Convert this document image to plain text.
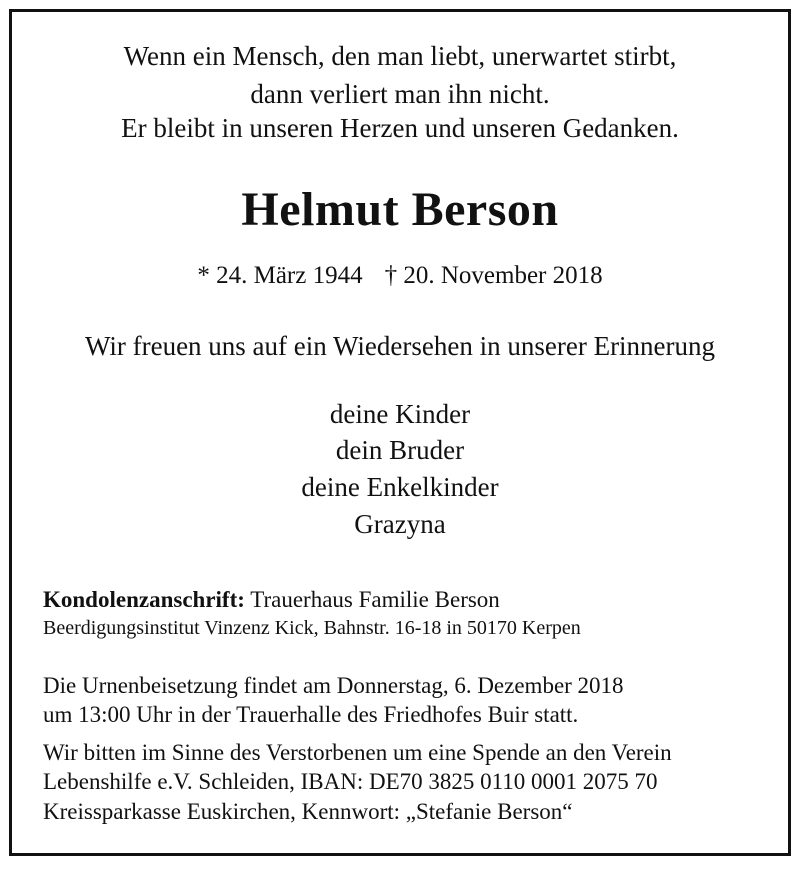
Wenn ein Mensch, den man liebt, unerwartet stirbt,
dann verliert man ihn nicht.
Er bleibt in unseren Herzen und unseren Gedanken.
Helmut Berson
* 24. März 1944 † 20. November 2018
Wir freuen uns auf ein Wiedersehen in unserer Erinnerung
deine Kinder
dein Bruder
deine Enkelkinder
Grazyna
Kondolenzanschrift: Trauerhaus Familie Berson
Beerdigungsinstitut Vinzenz Kick, Bahnstr. 16-18 in 50170 Kerpen
Die Urnenbeisetzung findet am Donnerstag, 6. Dezember 2018
um 13:00 Uhr in der Trauerhalle des Friedhofes Buir statt.
Wir bitten im Sinne des Verstorbenen um eine Spende an den Verein
Lebenshilfe e.V. Schleiden, IBAN: DE70 3825 0110 0001 2075 70
Kreissparkasse Euskirchen, Kennwort: „Stefanie Berson“
